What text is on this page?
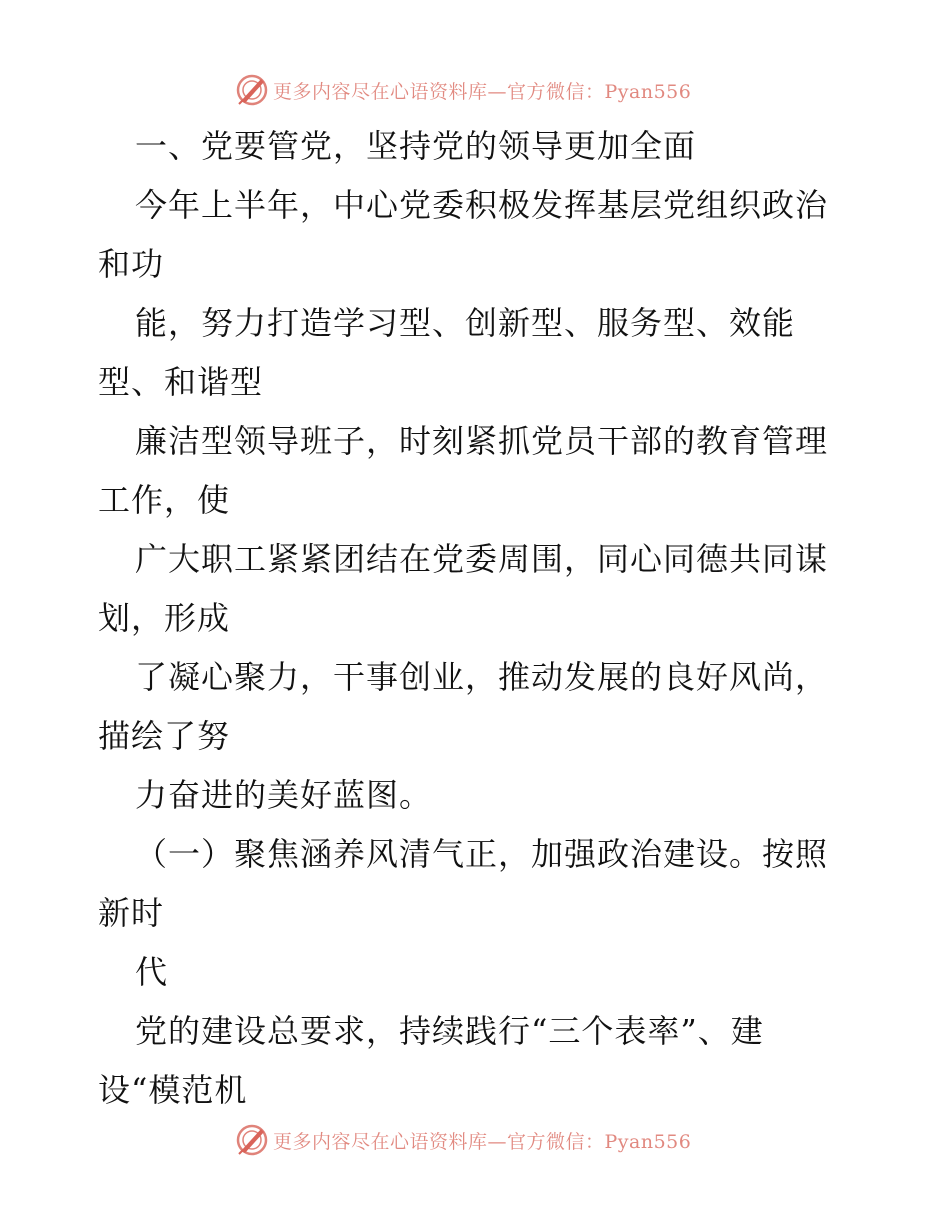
更多内容尽在心语资料库—官方微信：Pyan556
一、党要管党，坚持党的领导更加全面
今年上半年，中心党委积极发挥基层党组织政治
和功
能，努力打造学习型、创新型、服务型、效能
型、和谐型
廉洁型领导班子，时刻紧抓党员干部的教育管理
工作，使
广大职工紧紧团结在党委周围，同心同德共同谋
划，形成
了凝心聚力，干事创业，推动发展的良好风尚，
描绘了努
力奋进的美好蓝图。
（一）聚焦涵养风清气正，加强政治建设。按照
新时
代
党的建设总要求，持续践行“三个表率”、建
设“模范机
更多内容尽在心语资料库—官方微信：Pyan556
